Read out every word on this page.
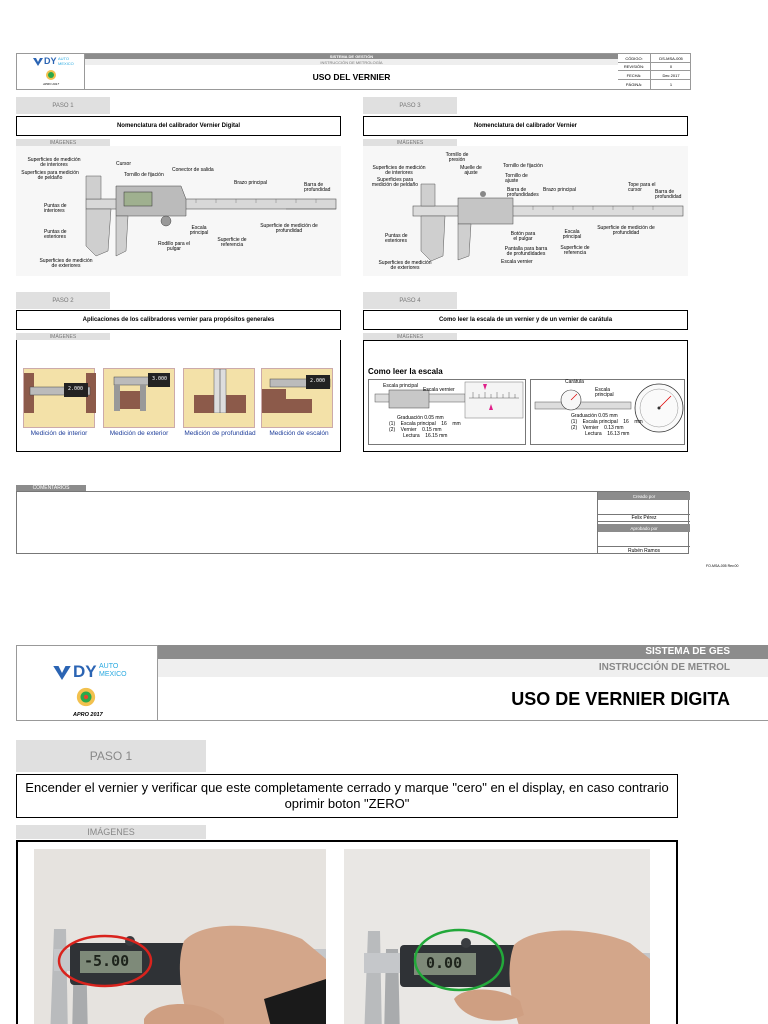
DY AUTO
MEXICO
APRO 2017
SISTEMA DE GESTIÓN
INSTRUCCIÓN DE METROLOGÍA
USO DEL VERNIER
CÓDIGO:	DS-MSA-005
REVISIÓN:	0
FECHA:	Dec 2017
PÁGINA:	1
PASO 1
Nomenclatura del calibrador Vernier Digital
IMÁGENES
Superficies de medición de interiores
Superficies para medición de peldaño
Cursor
Tornillo de fijación
Conector de salida
Brazo principal	Barra de profundidad
Puntas de interiores
Puntas de exteriores
Rodillo para el pulgar
Escala principal
Superficie de referencia
Superficie de medición de profundidad
Superficies de medición de exteriores
PASO 3
Nomenclatura del calibrador Vernier
IMÁGENES
Tornillo de presión
Muelle de ajuste
Tornillo de fijación
Tornillo de ajuste
Superficies de medición de interiores
Superficies para medición de peldaño
Barra de profundidades
Brazo principal
Tope para el cursor	Barra de profundidad
Puntas de exteriores
Botón para el pulgar
Pantalla para barra de profundidades
Escala principal
Superficie de referencia
Superficie de medición de profundidad
Escala vernier
Superficies de medición de exteriores
PASO 2
Aplicaciones de los calibradores vernier para propósitos generales
IMÁGENES
2.000
Medición de interior
3.000
Medición de exterior	Medición de profundidad
2.000
Medición de escalón
PASO 4
Como leer la escala de un vernier y de un vernier de carátula
IMÁGENES
Como leer la escala
Escala principal
Escala vernier
Graduación 0.05 mm
(1)    Escala principal    16    mm
(2)    Vernier    0.15 mm
Lectura    16.15 mm
Carátula
Escala principal
Graduación 0.05 mm
(1)    Escala principal    16    mm
(2)    Vernier    0.13 mm
Lectura    16.13 mm
COMENTARIOS
Creado por
Felix Pérez
Aprobado por
Rubén Ramos
FO-MSA-005 Rev.00
DY AUTO
MEXICO
APRO 2017
SISTEMA DE GES
INSTRUCCIÓN DE METROL
USO DE VERNIER DIGITA
PASO 1
Encender el vernier y verificar que este completamente cerrado y marque "cero" en el display, en caso contrario oprimir boton "ZERO"
IMÁGENES
-5.00	0.00
